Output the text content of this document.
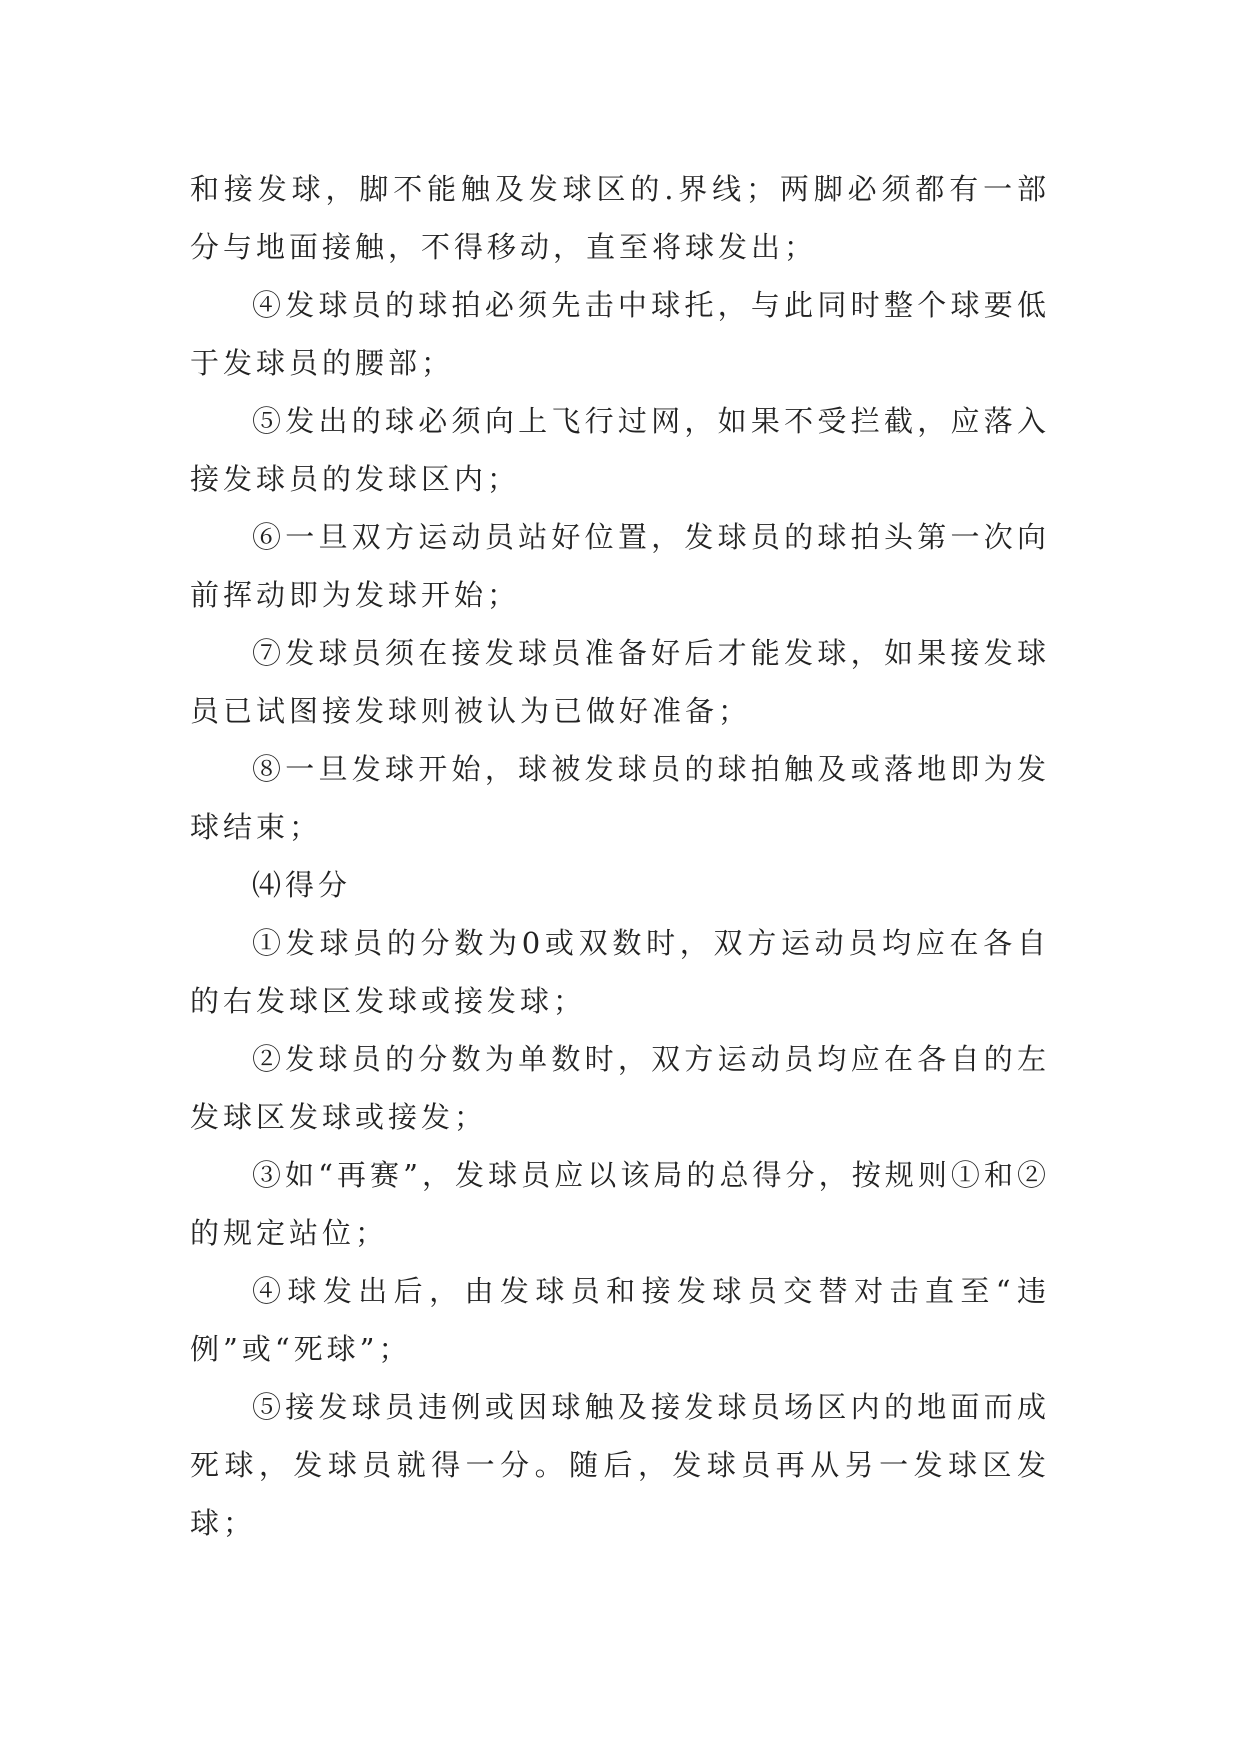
和接发球，脚不能触及发球区的.界线；两脚必须都有一部分与地面接触，不得移动，直至将球发出；

④发球员的球拍必须先击中球托，与此同时整个球要低于发球员的腰部；

⑤发出的球必须向上飞行过网，如果不受拦截，应落入接发球员的发球区内；

⑥一旦双方运动员站好位置，发球员的球拍头第一次向前挥动即为发球开始；

⑦发球员须在接发球员准备好后才能发球，如果接发球员已试图接发球则被认为已做好准备；

⑧一旦发球开始，球被发球员的球拍触及或落地即为发球结束；

⑷得分

①发球员的分数为0或双数时，双方运动员均应在各自的右发球区发球或接发球；

②发球员的分数为单数时，双方运动员均应在各自的左发球区发球或接发；

③如“再赛”，发球员应以该局的总得分，按规则①和②的规定站位；

④球发出后，由发球员和接发球员交替对击直至“违例”或“死球”；

⑤接发球员违例或因球触及接发球员场区内的地面而成死球，发球员就得一分。随后，发球员再从另一发球区发球；
